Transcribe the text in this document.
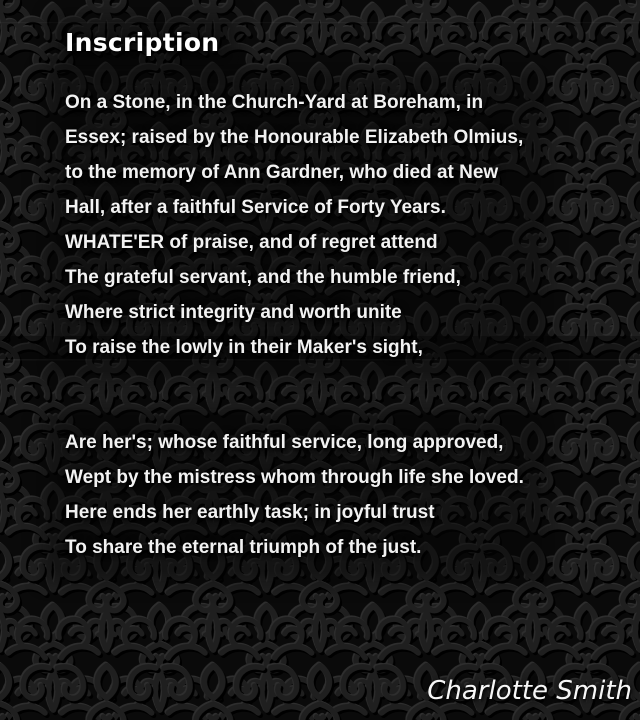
Inscription
On a Stone, in the Church-Yard at Boreham, in
Essex; raised by the Honourable Elizabeth Olmius,
to the memory of Ann Gardner, who died at New
Hall, after a faithful Service of Forty Years.
WHATE'ER of praise, and of regret attend
The grateful servant, and the humble friend,
Where strict integrity and worth unite
To raise the lowly in their Maker's sight,
Are her's; whose faithful service, long approved,
Wept by the mistress whom through life she loved.
Here ends her earthly task; in joyful trust
To share the eternal triumph of the just.

Charlotte Smith
